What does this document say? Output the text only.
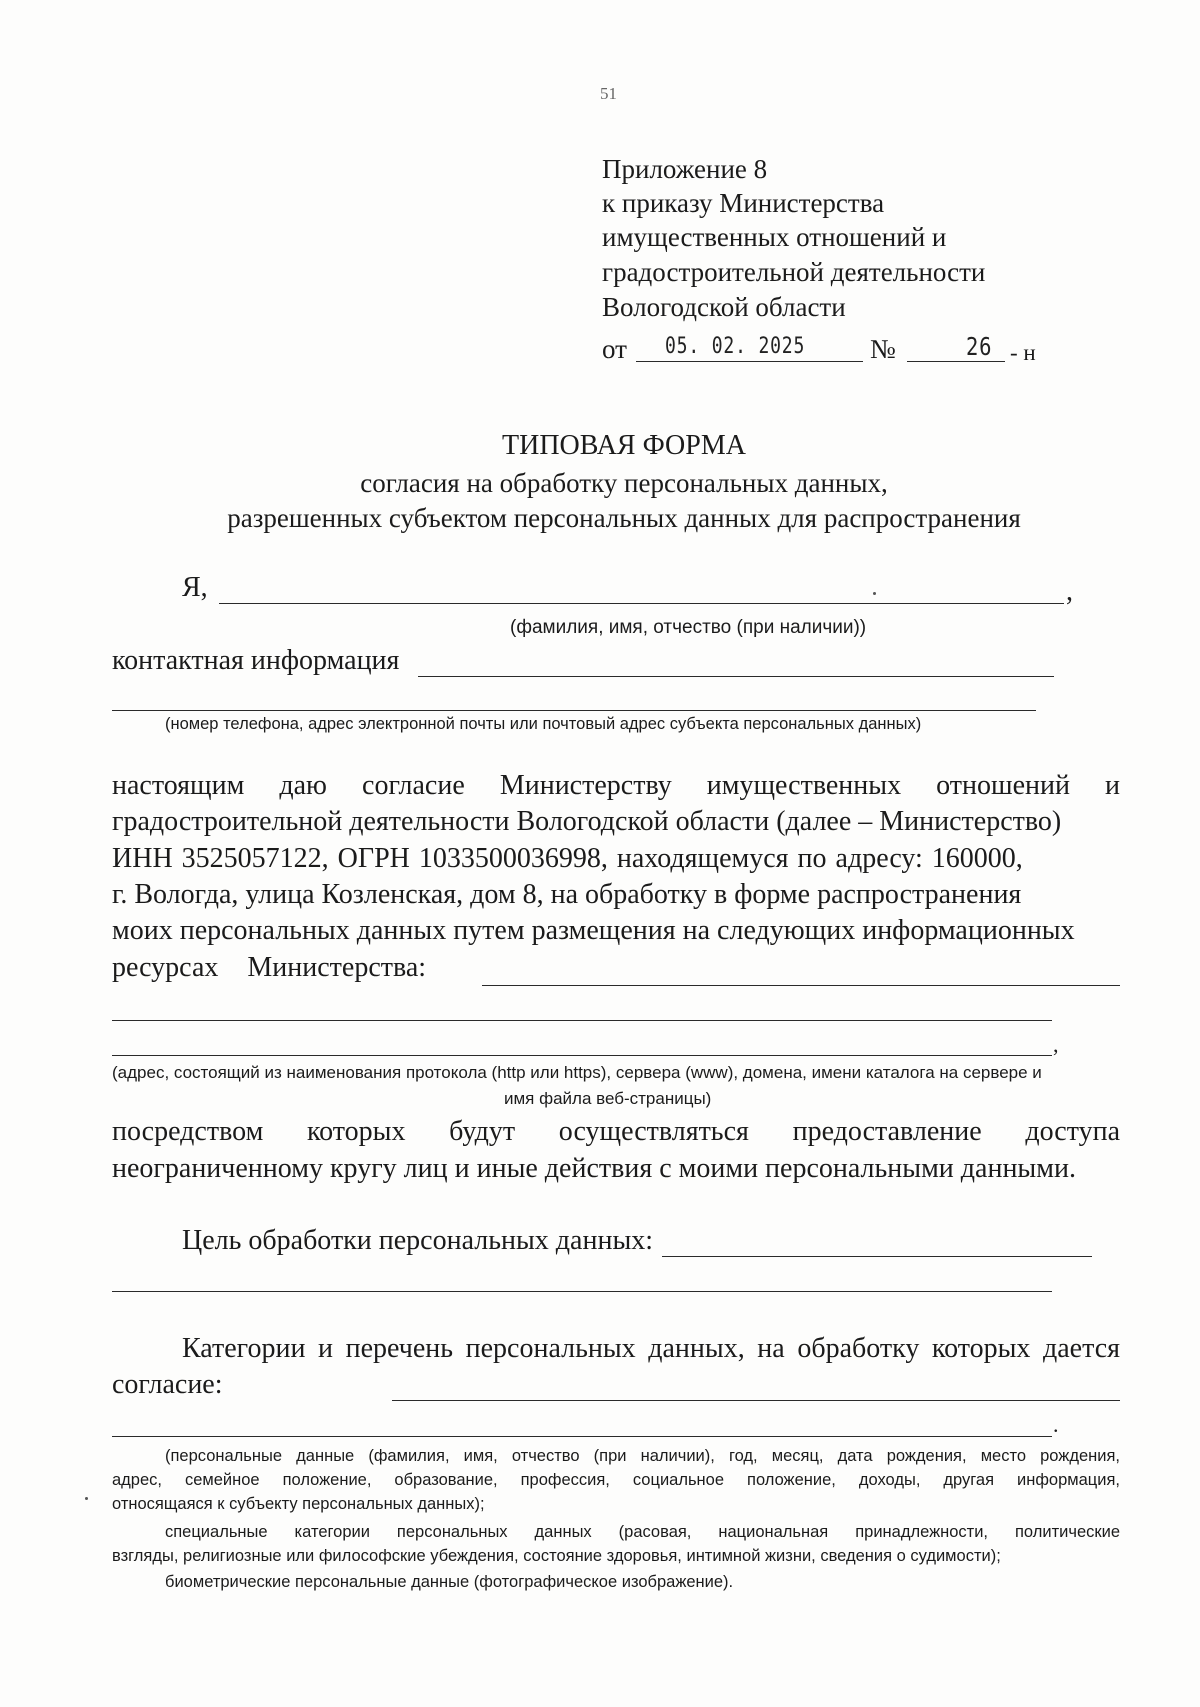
51
Приложение 8
к приказу Министерства
имущественных отношений и
градостроительной деятельности
Вологодской области
от 05. 02. 2025 №	26 - н
ТИПОВАЯ ФОРМА
согласия на обработку персональных данных,
разрешенных субъектом персональных данных для распространения
Я,	,
(фамилия, имя, отчество (при наличии))
контактная информация
(номер телефона, адрес электронной почты или почтовый адрес субъекта персональных данных)
настоящим даю согласие Министерству имущественных отношений и
градостроительной деятельности Вологодской области (далее – Министерство)
ИНН 3525057122, ОГРН 1033500036998, находящемуся по адресу: 160000,
г. Вологда, улица Козленская, дом 8, на обработку в форме распространения
моих персональных данных путем размещения на следующих информационных
ресурсах Министерства:
,
(адрес, состоящий из наименования протокола (http или https), сервера (www), домена, имени каталога на сервере и
имя файла веб-страницы)
посредством которых будут осуществляться предоставление доступа
неограниченному кругу лиц и иные действия с моими персональными данными.
Цель обработки персональных данных:
Категории и перечень персональных данных, на обработку которых дается
согласие:
.
(персональные данные (фамилия, имя, отчество (при наличии), год, месяц, дата рождения, место рождения,
адрес, семейное положение, образование, профессия, социальное положение, доходы, другая информация,
относящаяся к субъекту персональных данных);
специальные категории персональных данных (расовая, национальная принадлежности, политические
взгляды, религиозные или философские убеждения, состояние здоровья, интимной жизни, сведения о судимости);
биометрические персональные данные (фотографическое изображение).
